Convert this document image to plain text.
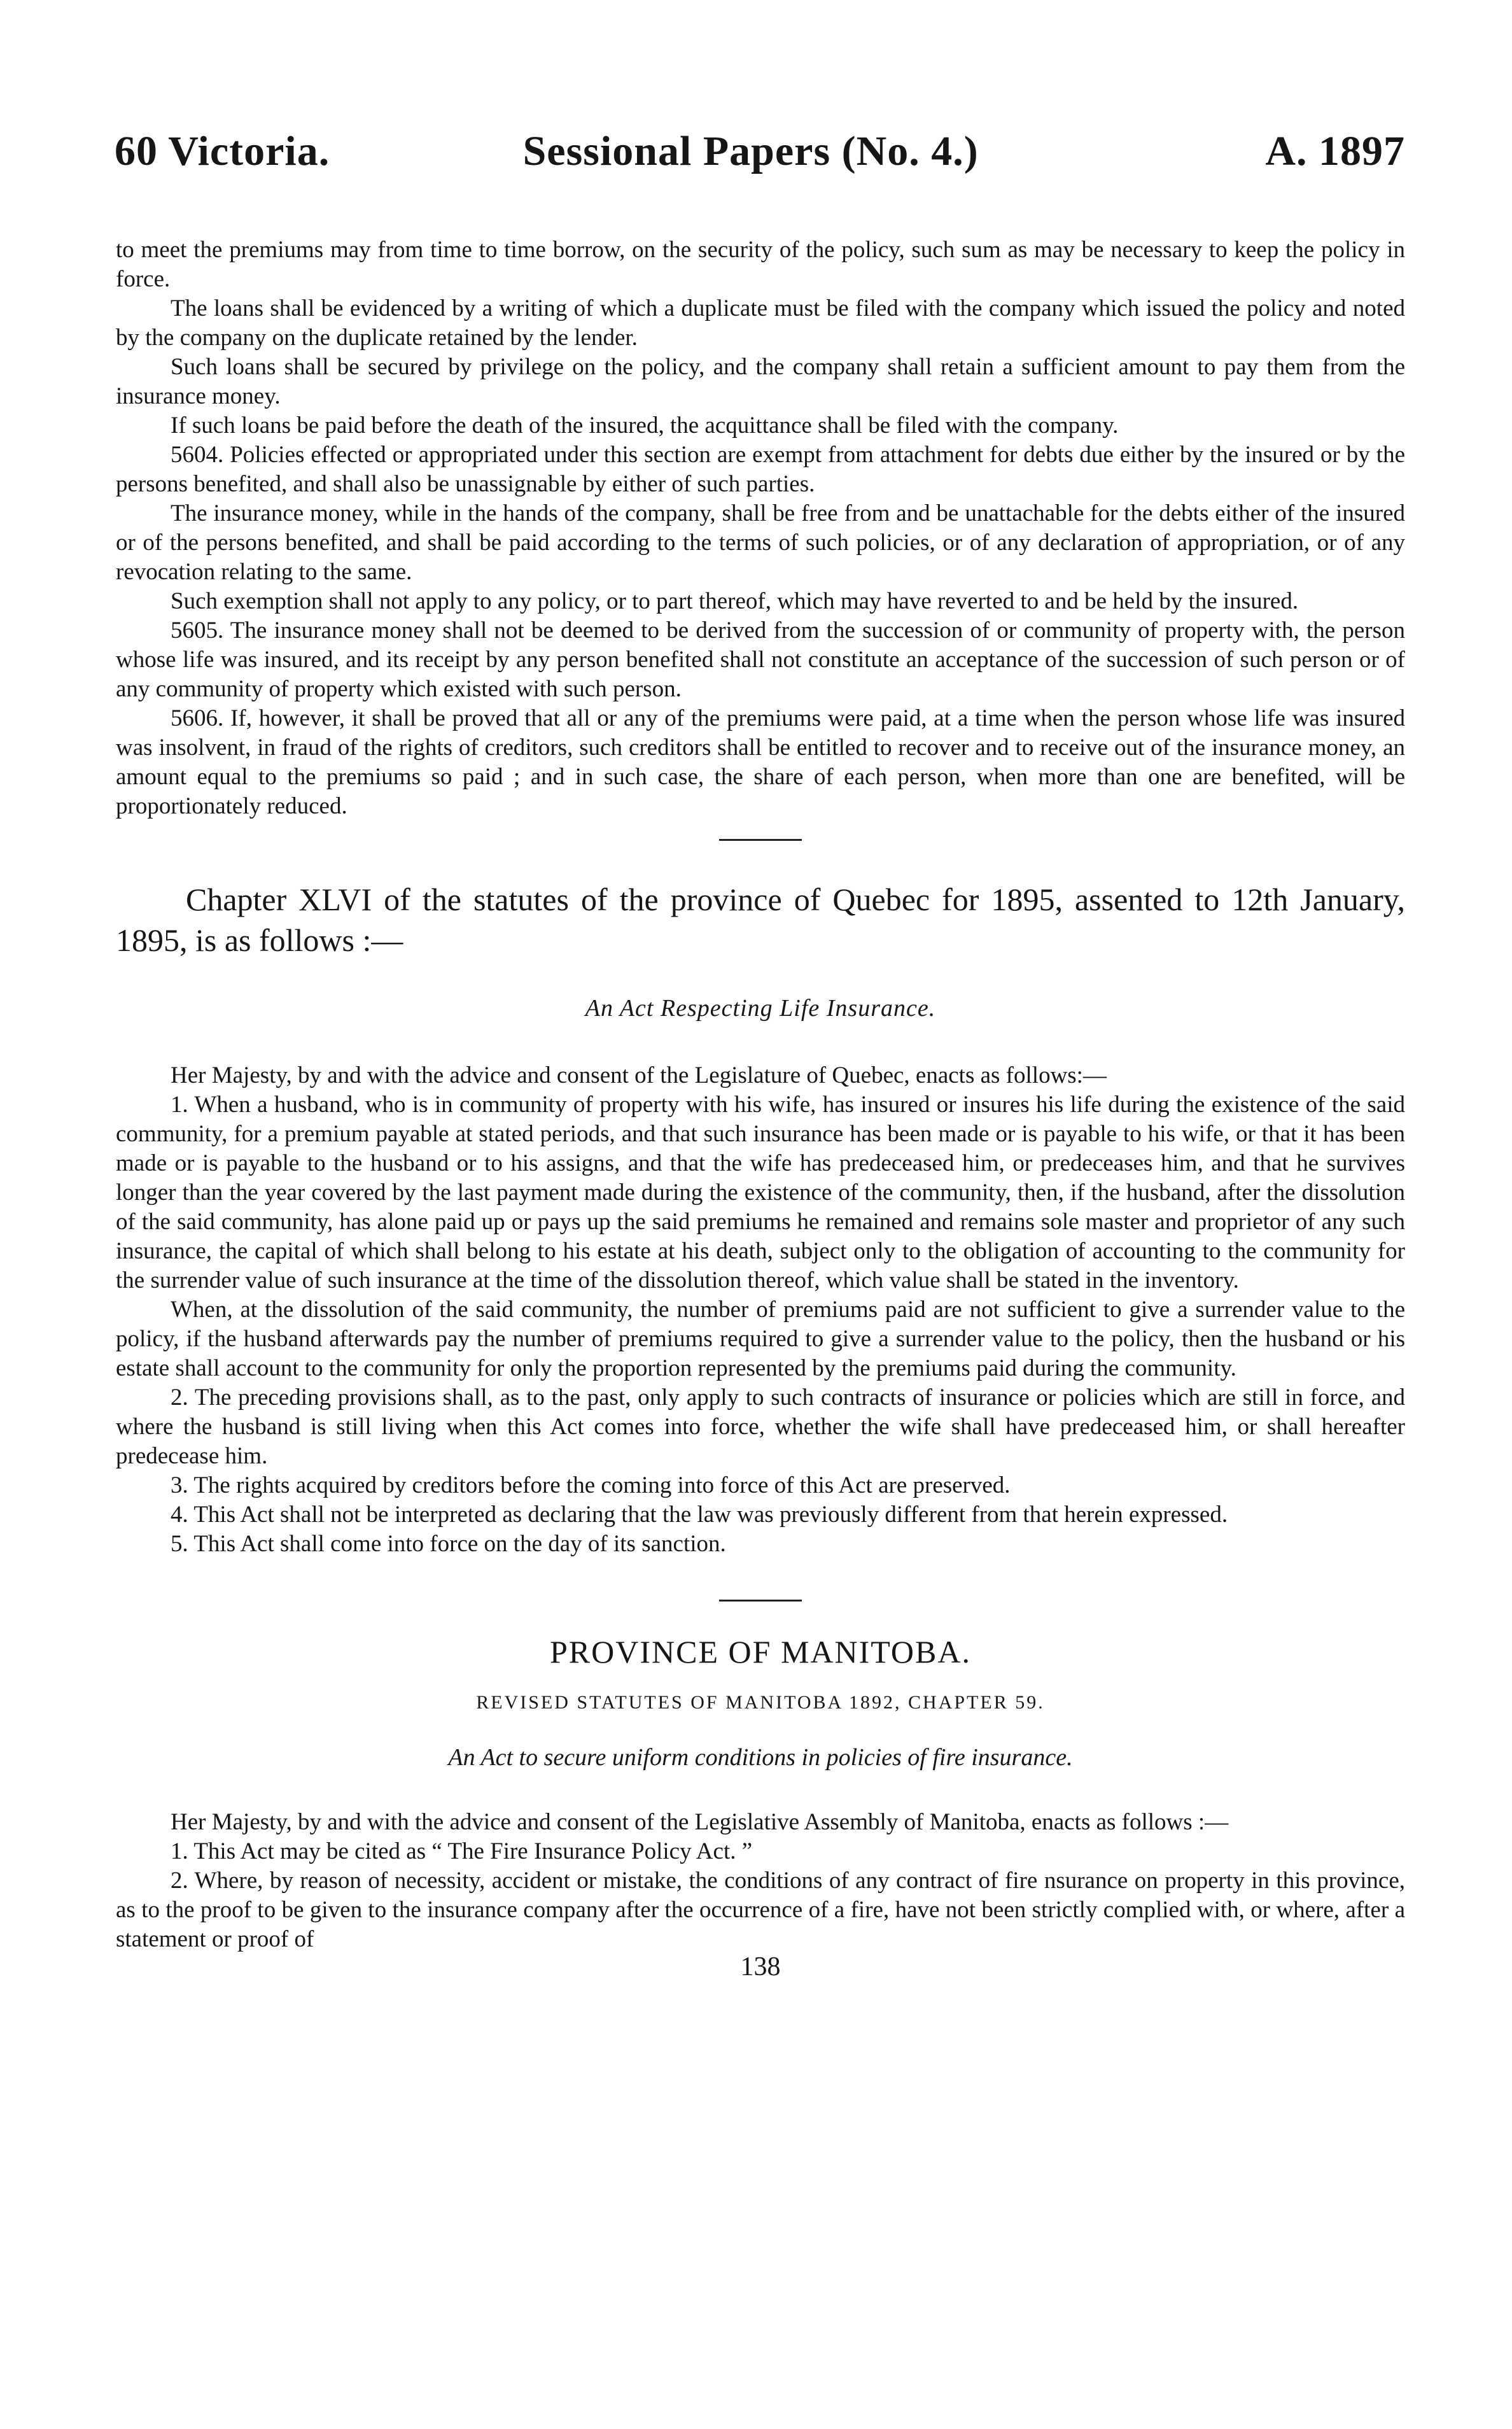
60 Victoria.	Sessional Papers (No. 4.)	A. 1897

to meet the premiums may from time to time borrow, on the security of the policy, such sum as may be necessary to keep the policy in force.

The loans shall be evidenced by a writing of which a duplicate must be filed with the company which issued the policy and noted by the company on the duplicate retained by the lender.

Such loans shall be secured by privilege on the policy, and the company shall retain a sufficient amount to pay them from the insurance money.

If such loans be paid before the death of the insured, the acquittance shall be filed with the company.

5604. Policies effected or appropriated under this section are exempt from attachment for debts due either by the insured or by the persons benefited, and shall also be unassignable by either of such parties.

The insurance money, while in the hands of the company, shall be free from and be unattachable for the debts either of the insured or of the persons benefited, and shall be paid according to the terms of such policies, or of any declaration of appropriation, or of any revocation relating to the same.

Such exemption shall not apply to any policy, or to part thereof, which may have reverted to and be held by the insured.

5605. The insurance money shall not be deemed to be derived from the succession of or community of property with, the person whose life was insured, and its receipt by any person benefited shall not constitute an acceptance of the succession of such person or of any community of property which existed with such person.

5606. If, however, it shall be proved that all or any of the premiums were paid, at a time when the person whose life was insured was insolvent, in fraud of the rights of creditors, such creditors shall be entitled to recover and to receive out of the insurance money, an amount equal to the premiums so paid ; and in such case, the share of each person, when more than one are benefited, will be proportionately reduced.

Chapter XLVI of the statutes of the province of Quebec for 1895, assented to 12th January, 1895, is as follows :—

An Act Respecting Life Insurance.

Her Majesty, by and with the advice and consent of the Legislature of Quebec, enacts as follows:—

1. When a husband, who is in community of property with his wife, has insured or insures his life during the existence of the said community, for a premium payable at stated periods, and that such insurance has been made or is payable to his wife, or that it has been made or is payable to the husband or to his assigns, and that the wife has predeceased him, or predeceases him, and that he survives longer than the year covered by the last payment made during the existence of the community, then, if the husband, after the dissolution of the said community, has alone paid up or pays up the said premiums he remained and remains sole master and proprietor of any such insurance, the capital of which shall belong to his estate at his death, subject only to the obligation of accounting to the community for the surrender value of such insurance at the time of the dissolution thereof, which value shall be stated in the inventory.

When, at the dissolution of the said community, the number of premiums paid are not sufficient to give a surrender value to the policy, if the husband afterwards pay the number of premiums required to give a surrender value to the policy, then the husband or his estate shall account to the community for only the proportion represented by the premiums paid during the community.

2. The preceding provisions shall, as to the past, only apply to such contracts of insurance or policies which are still in force, and where the husband is still living when this Act comes into force, whether the wife shall have predeceased him, or shall hereafter predecease him.

3. The rights acquired by creditors before the coming into force of this Act are preserved.

4. This Act shall not be interpreted as declaring that the law was previously different from that herein expressed.

5. This Act shall come into force on the day of its sanction.

PROVINCE OF MANITOBA.

REVISED STATUTES OF MANITOBA 1892, CHAPTER 59.

An Act to secure uniform conditions in policies of fire insurance.

Her Majesty, by and with the advice and consent of the Legislative Assembly of Manitoba, enacts as follows :—

1. This Act may be cited as “ The Fire Insurance Policy Act. ”

2. Where, by reason of necessity, accident or mistake, the conditions of any contract of fire nsurance on property in this province, as to the proof to be given to the insurance company after the occurrence of a fire, have not been strictly complied with, or where, after a statement or proof of

138
